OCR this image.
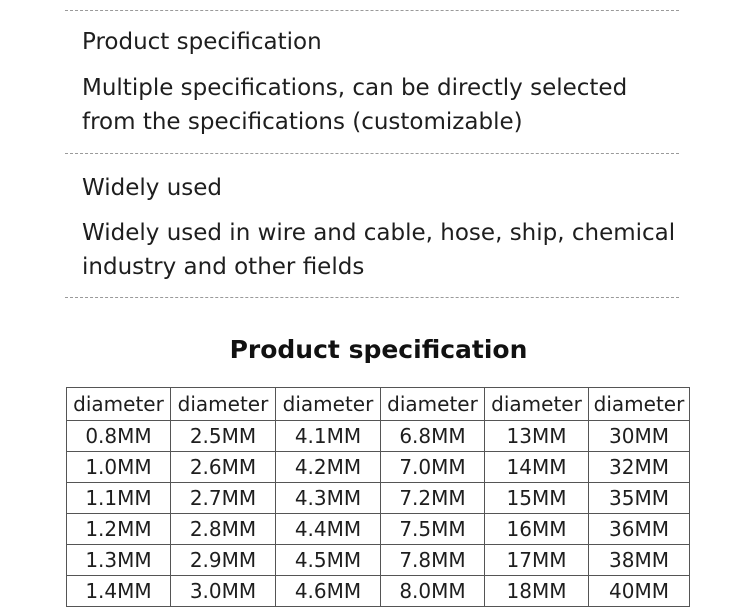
Product specification
Multiple specifications, can be directly selected from the specifications (customizable)
Widely used
Widely used in wire and cable, hose, ship, chemical industry and other fields
Product specification
diameter	diameter	diameter	diameter	diameter	diameter
0.8MM	2.5MM	4.1MM	6.8MM	13MM	30MM
1.0MM	2.6MM	4.2MM	7.0MM	14MM	32MM
1.1MM	2.7MM	4.3MM	7.2MM	15MM	35MM
1.2MM	2.8MM	4.4MM	7.5MM	16MM	36MM
1.3MM	2.9MM	4.5MM	7.8MM	17MM	38MM
1.4MM	3.0MM	4.6MM	8.0MM	18MM	40MM
